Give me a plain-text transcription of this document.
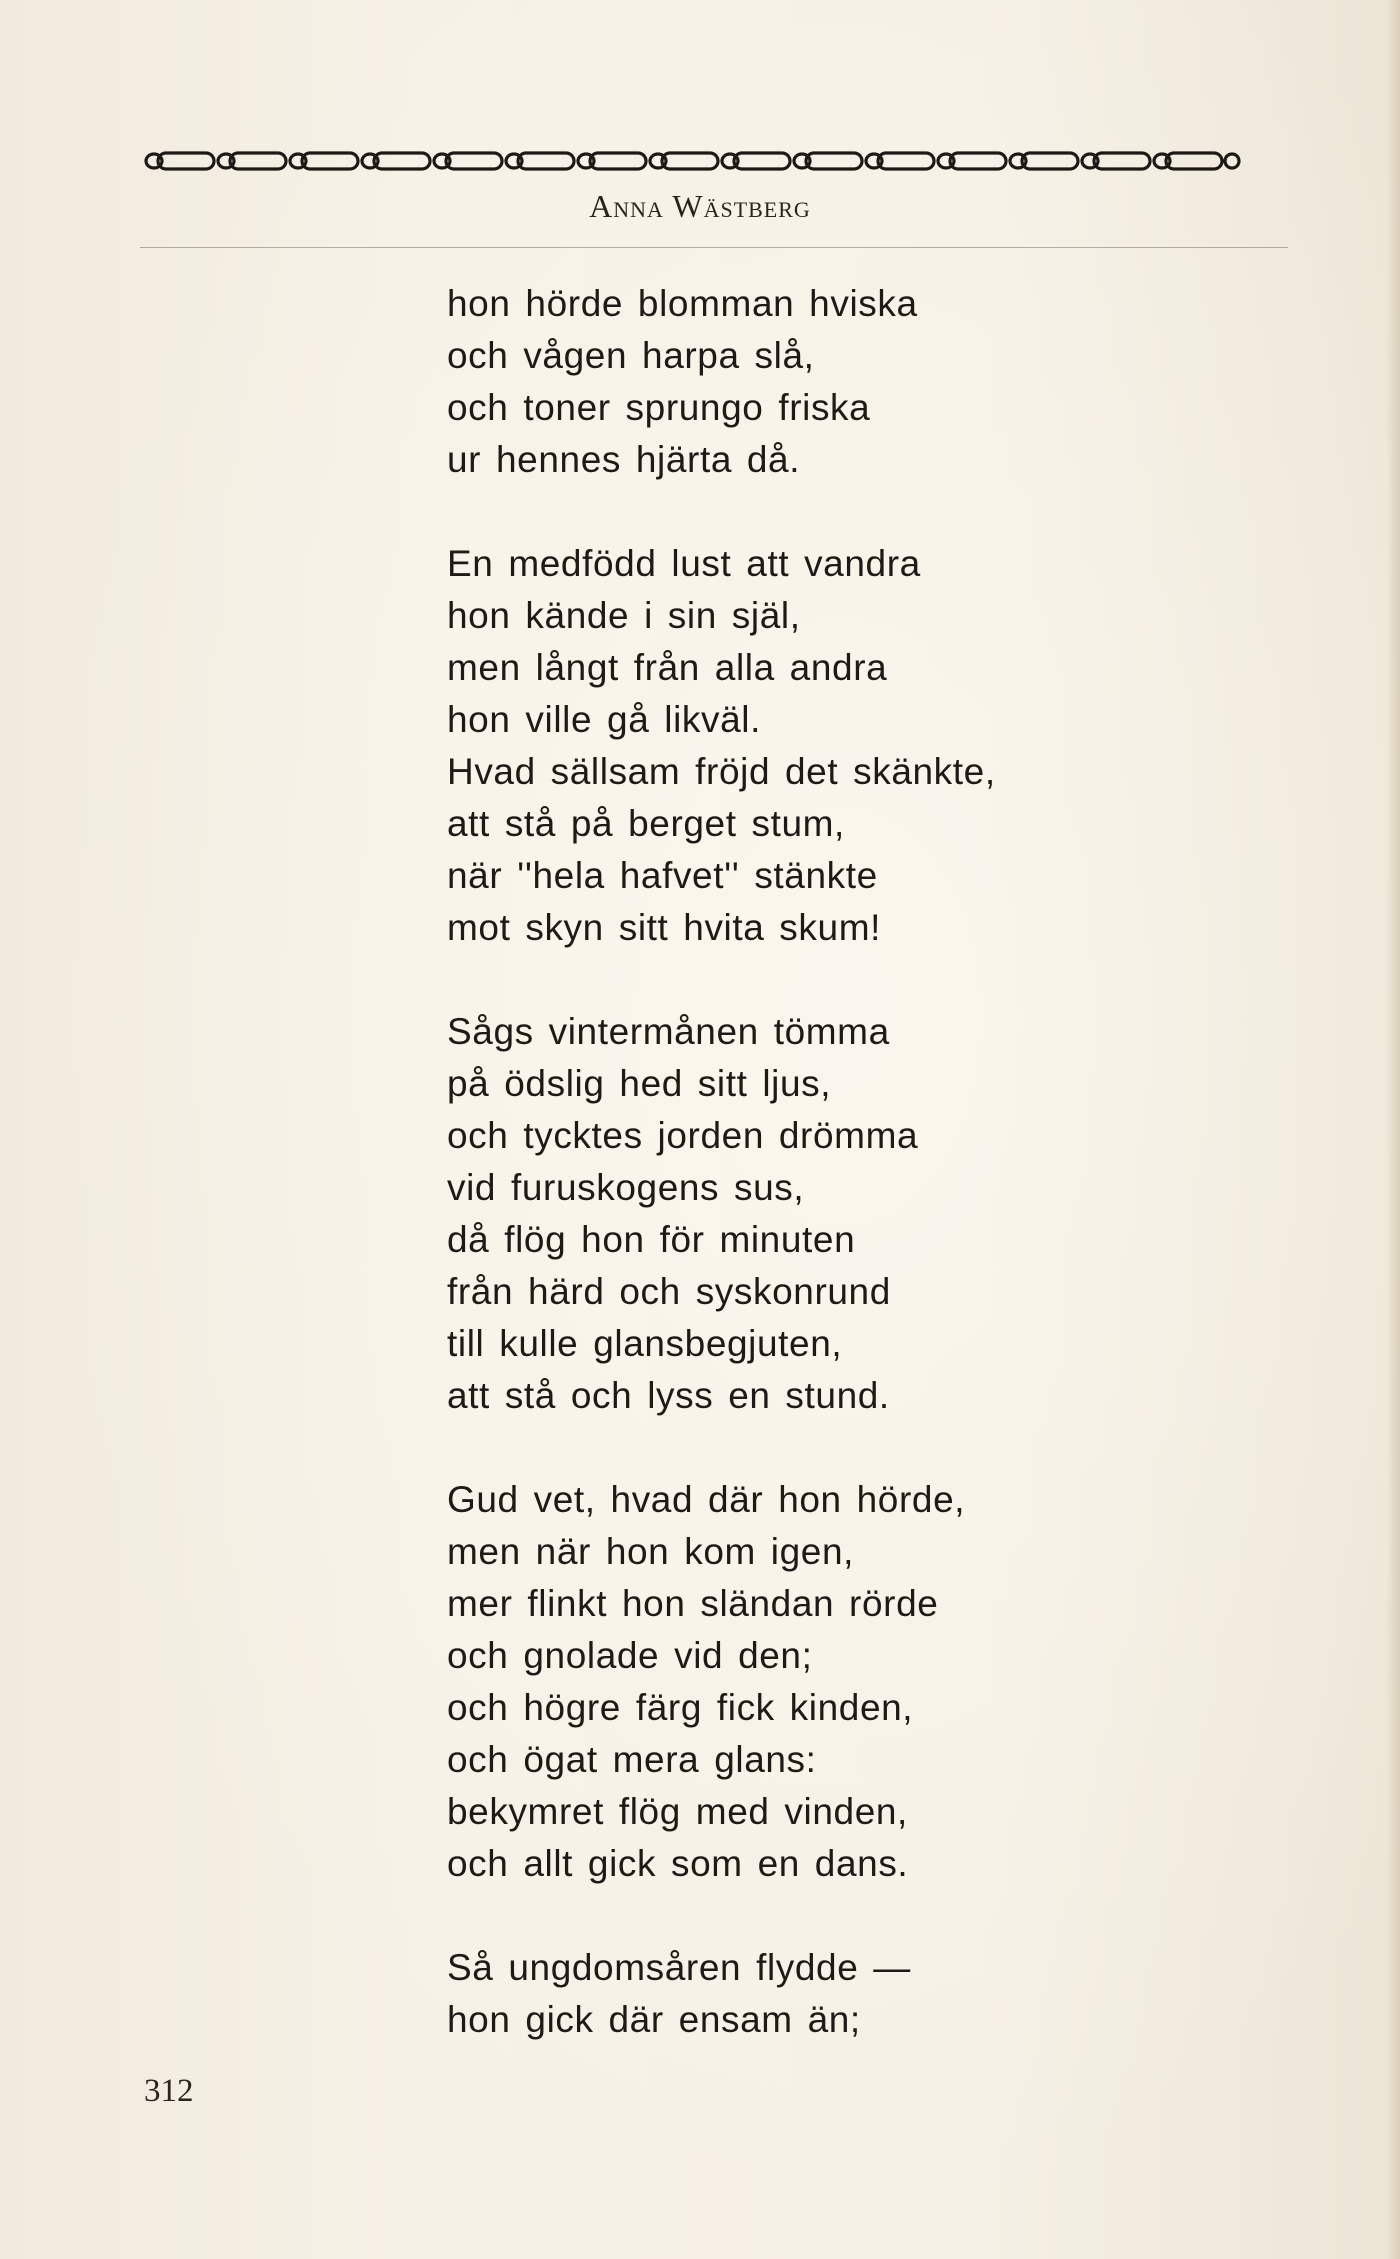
Anna Wästberg
hon hörde blomman hviska
och vågen harpa slå,
och toner sprungo friska
ur hennes hjärta då.
En medfödd lust att vandra
hon kände i sin själ,
men långt från alla andra
hon ville gå likväl.
Hvad sällsam fröjd det skänkte,
att stå på berget stum,
när ''hela hafvet'' stänkte
mot skyn sitt hvita skum!
Sågs vintermånen tömma
på ödslig hed sitt ljus,
och tycktes jorden drömma
vid furuskogens sus,
då flög hon för minuten
från härd och syskonrund
till kulle glansbegjuten,
att stå och lyss en stund.
Gud vet, hvad där hon hörde,
men när hon kom igen,
mer flinkt hon sländan rörde
och gnolade vid den;
och högre färg fick kinden,
och ögat mera glans:
bekymret flög med vinden,
och allt gick som en dans.
Så ungdomsåren flydde —
hon gick där ensam än;
312
